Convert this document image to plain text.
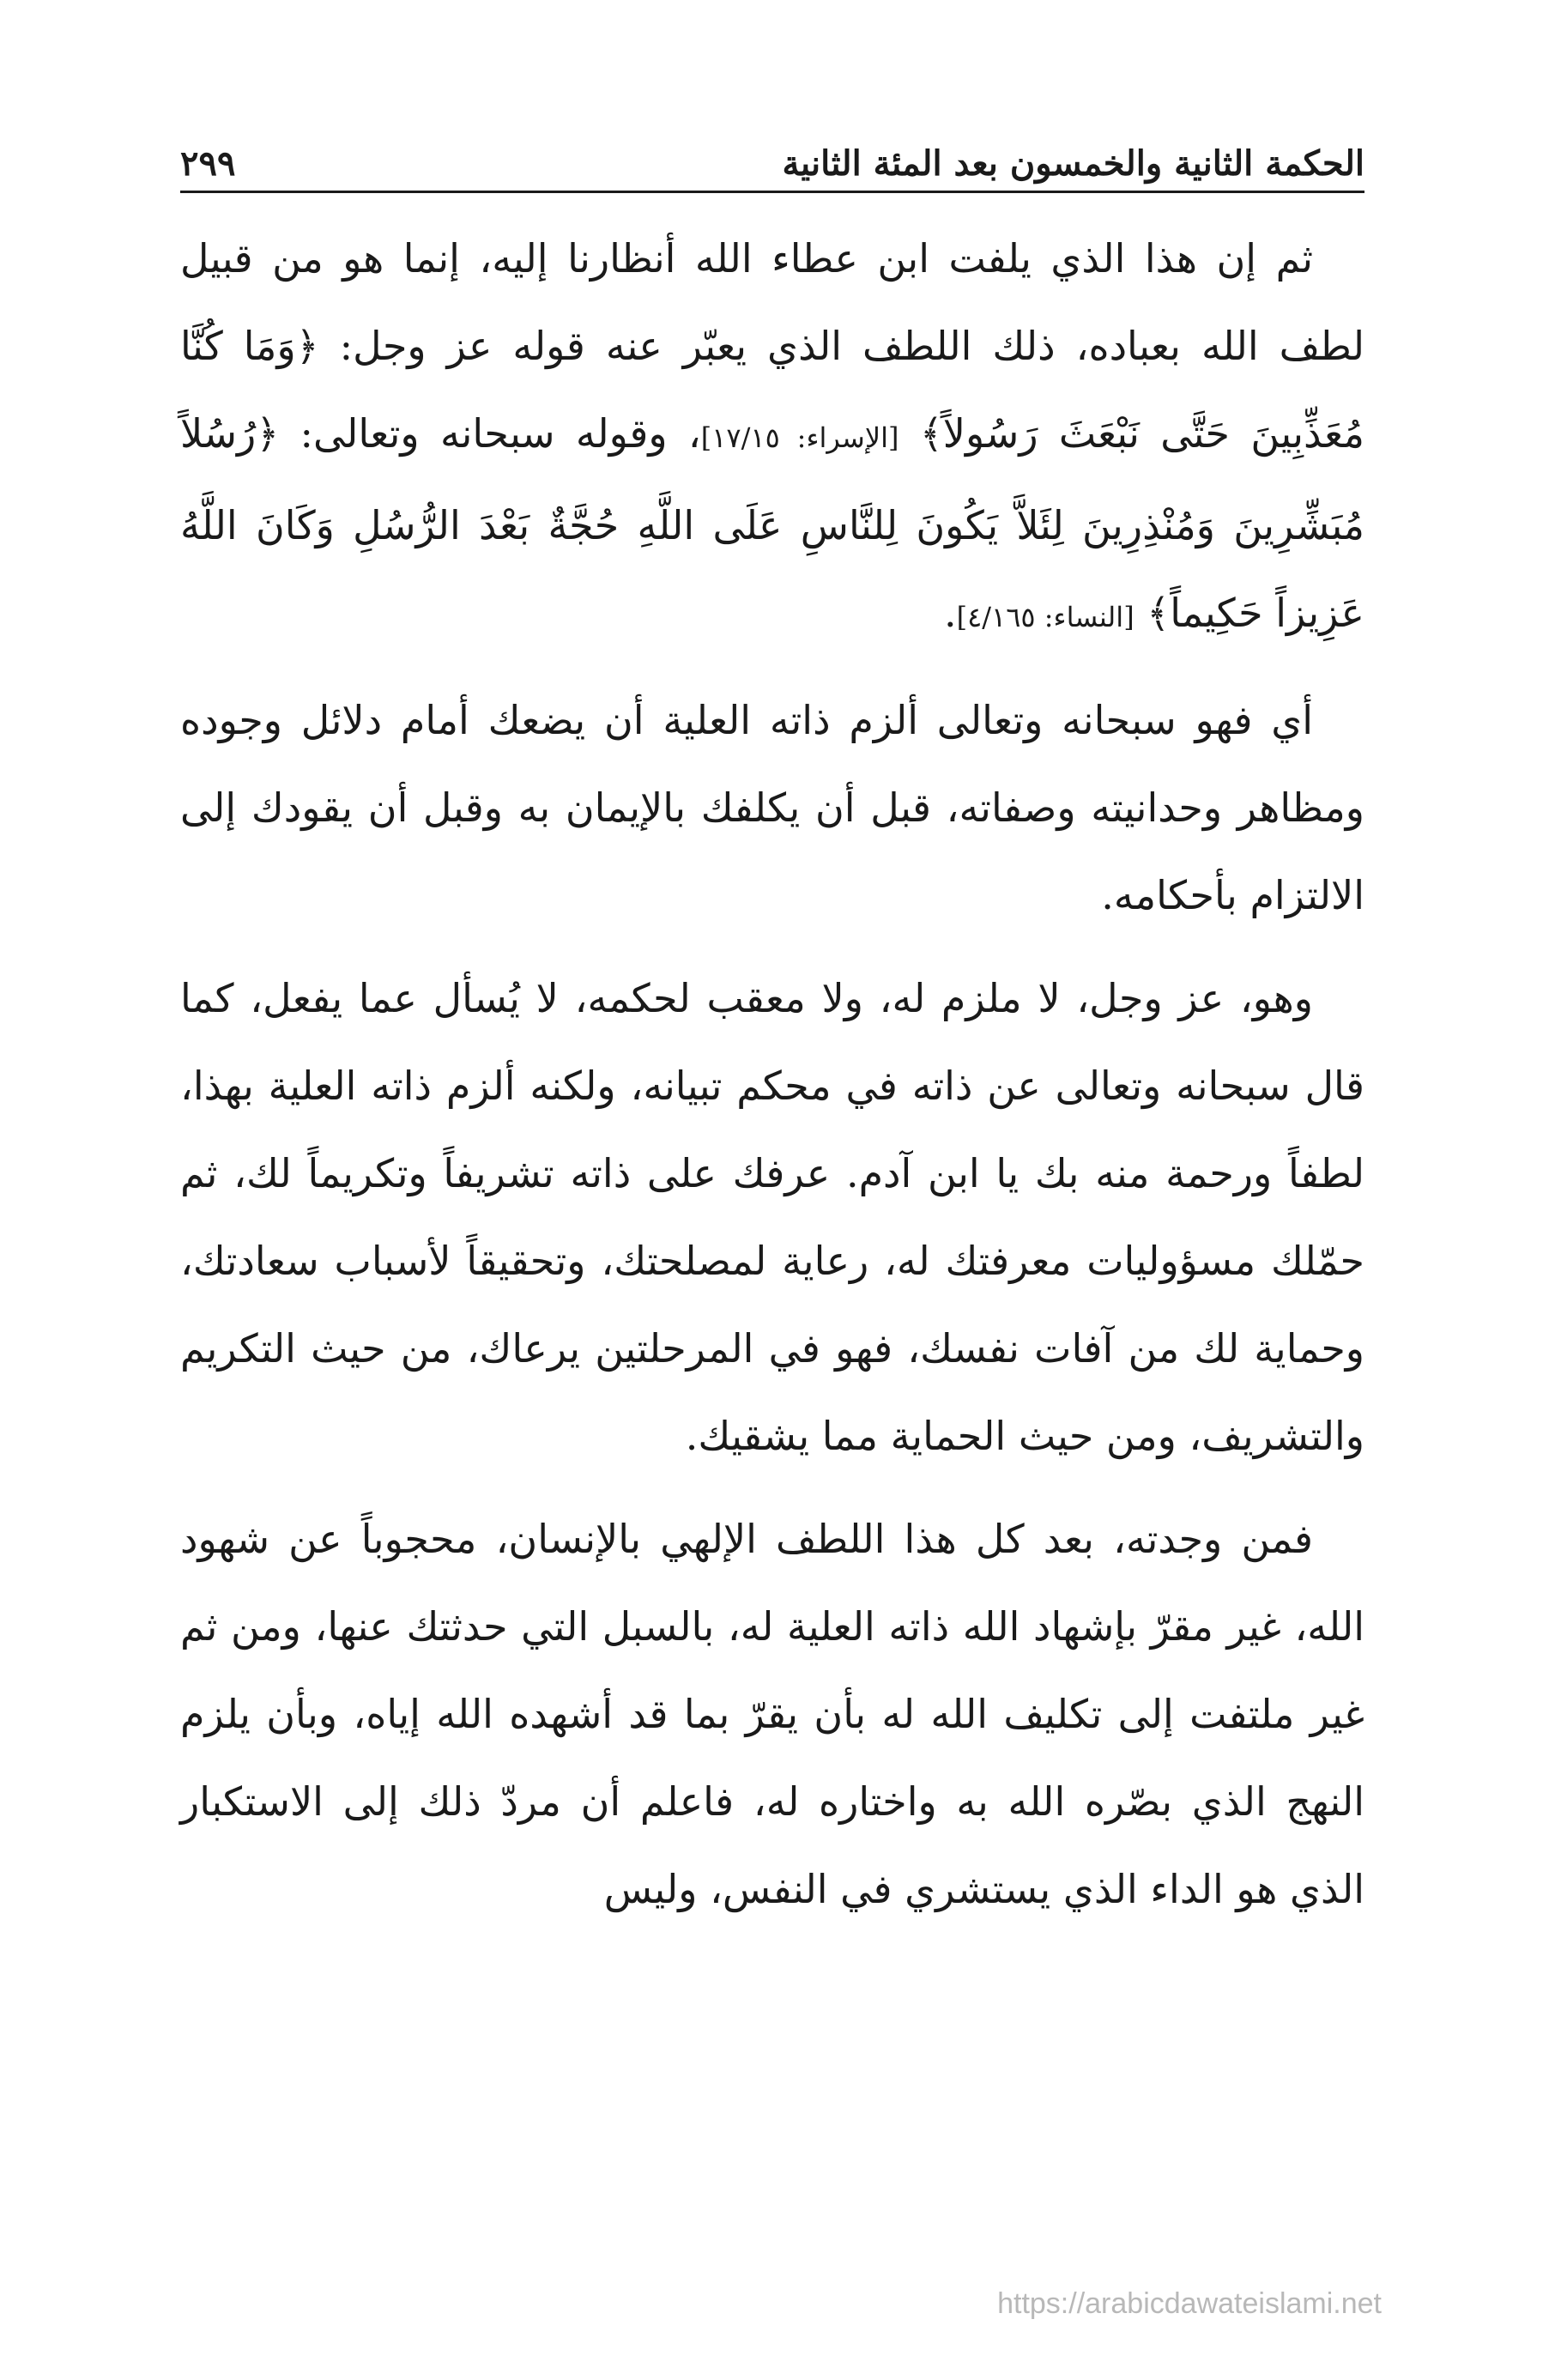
الحكمة الثانية والخمسون بعد المئة الثانية
٢٩٩

ثم إن هذا الذي يلفت ابن عطاء الله أنظارنا إليه، إنما هو من قبيل لطف الله بعباده، ذلك اللطف الذي يعبّر عنه قوله عز وجل: ﴿وَمَا كُنَّا مُعَذِّبِينَ حَتَّى نَبْعَثَ رَسُولاً﴾ [الإسراء: ١٧/١٥]، وقوله سبحانه وتعالى: ﴿رُسُلاً مُبَشِّرِينَ وَمُنْذِرِينَ لِئَلاَّ يَكُونَ لِلنَّاسِ عَلَى اللَّهِ حُجَّةٌ بَعْدَ الرُّسُلِ وَكَانَ اللَّهُ عَزِيزاً حَكِيماً﴾ [النساء: ٤/١٦٥].

أي فهو سبحانه وتعالى ألزم ذاته العلية أن يضعك أمام دلائل وجوده ومظاهر وحدانيته وصفاته، قبل أن يكلفك بالإيمان به وقبل أن يقودك إلى الالتزام بأحكامه.

وهو، عز وجل، لا ملزم له، ولا معقب لحكمه، لا يُسأل عما يفعل، كما قال سبحانه وتعالى عن ذاته في محكم تبيانه، ولكنه ألزم ذاته العلية بهذا، لطفاً ورحمة منه بك يا ابن آدم. عرفك على ذاته تشريفاً وتكريماً لك، ثم حمّلك مسؤوليات معرفتك له، رعاية لمصلحتك، وتحقيقاً لأسباب سعادتك، وحماية لك من آفات نفسك، فهو في المرحلتين يرعاك، من حيث التكريم والتشريف، ومن حيث الحماية مما يشقيك.

فمن وجدته، بعد كل هذا اللطف الإلهي بالإنسان، محجوباً عن شهود الله، غير مقرّ بإشهاد الله ذاته العلية له، بالسبل التي حدثتك عنها، ومن ثم غير ملتفت إلى تكليف الله له بأن يقرّ بما قد أشهده الله إياه، وبأن يلزم النهج الذي بصّره الله به واختاره له، فاعلم أن مردّ ذلك إلى الاستكبار الذي هو الداء الذي يستشري في النفس، وليس

https://arabicdawateislami.net
